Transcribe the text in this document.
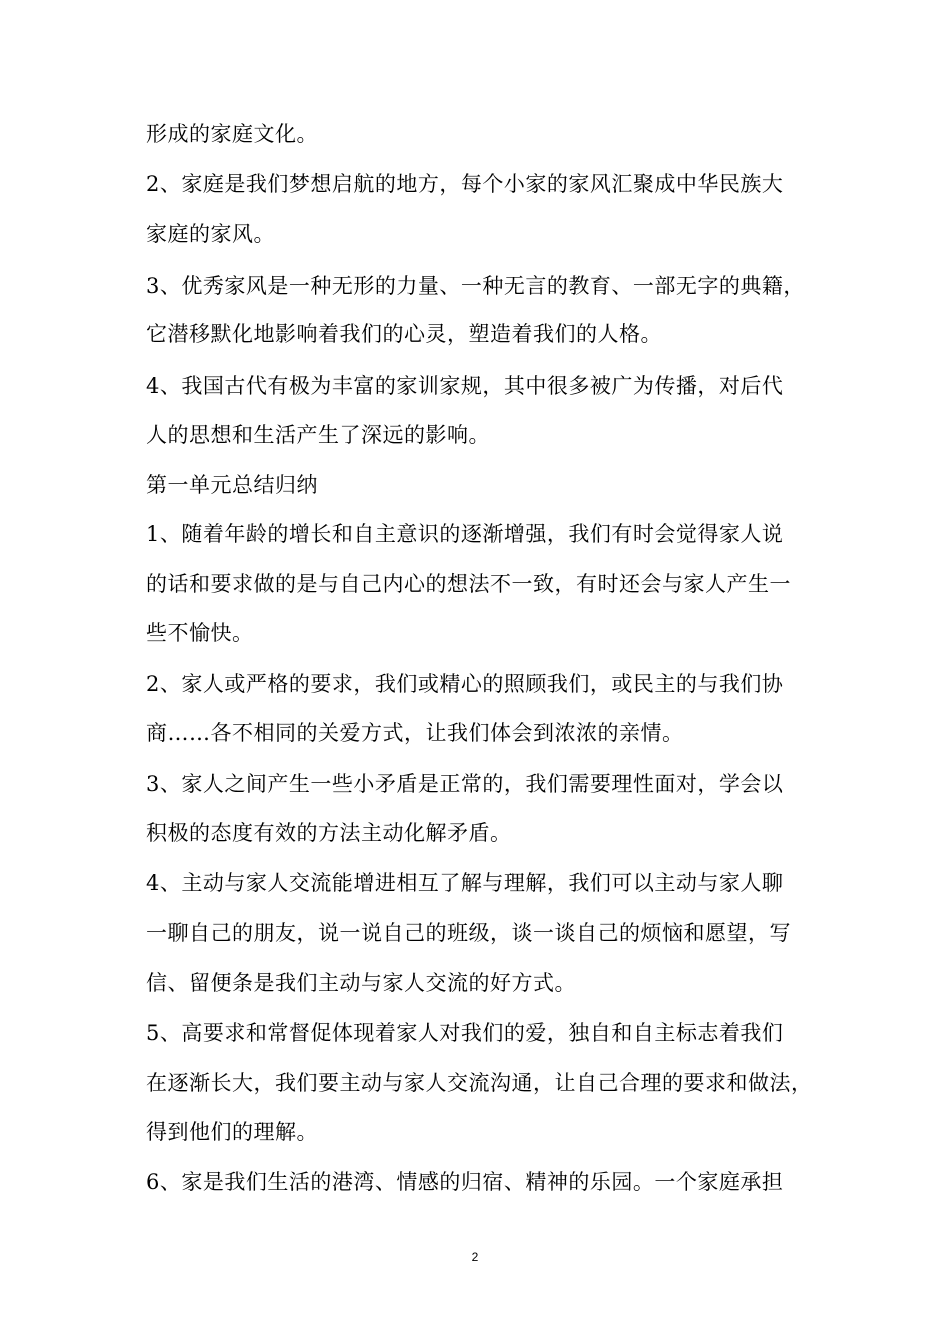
形成的家庭文化。
2、家庭是我们梦想启航的地方，每个小家的家风汇聚成中华民族大
家庭的家风。
3、优秀家风是一种无形的力量、一种无言的教育、一部无字的典籍，
它潜移默化地影响着我们的心灵，塑造着我们的人格。
4、我国古代有极为丰富的家训家规，其中很多被广为传播，对后代
人的思想和生活产生了深远的影响。
第一单元总结归纳
1、随着年龄的增长和自主意识的逐渐增强，我们有时会觉得家人说
的话和要求做的是与自己内心的想法不一致，有时还会与家人产生一
些不愉快。
2、家人或严格的要求，我们或精心的照顾我们，或民主的与我们协
商……各不相同的关爱方式，让我们体会到浓浓的亲情。
3、家人之间产生一些小矛盾是正常的，我们需要理性面对，学会以
积极的态度有效的方法主动化解矛盾。
4、主动与家人交流能增进相互了解与理解，我们可以主动与家人聊
一聊自己的朋友，说一说自己的班级，谈一谈自己的烦恼和愿望，写
信、留便条是我们主动与家人交流的好方式。
5、高要求和常督促体现着家人对我们的爱，独自和自主标志着我们
在逐渐长大，我们要主动与家人交流沟通，让自己合理的要求和做法，
得到他们的理解。
6、家是我们生活的港湾、情感的归宿、精神的乐园。一个家庭承担
2
